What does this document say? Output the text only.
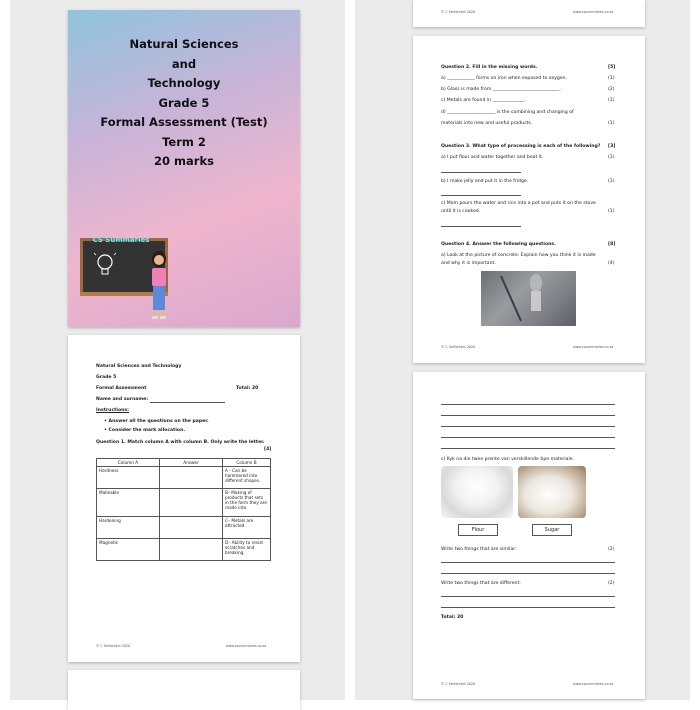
Natural Sciences
and
Technology
Grade 5
Formal Assessment (Test)
Term 2
20 marks
CS Summaries
Natural Sciences and Technology
Grade 5
Formal Assessment	Total: 20
Name and surname:
Instructions:
• Answer all the questions on the paper.
• Consider the mark allocation.
Question 1. Match column A with column B. Only write the letter.
[4]
Column A	Answer	Column B
Hardness		A - Can be hammered into different shapes.
Malleable		B– Making of products that sets in the form they are made into.
Hardening		C– Metals are attracted.
Magnetic		D– Ability to resist scratches and breaking.
© C Serfontein 2020	www.cssummaries.co.za
© C Serfontein 2020	www.cssummaries.co.za
Question 2. Fill in the missing words.	[5]
a) ____________ forms on iron when exposed to oxygen.	(1)
b) Glass is made from _____________________________.	(2)
c) Metals are found in ______________.	(1)
d) _____________________ is the combining and changing of
materials into new and useful products.	(1)
Question 3. What type of processing is each of the following?	[3]
a) I put flour and water together and beat it.	(1)
b) I make jelly and put it in the fridge.	(1)
c) Mom pours the water and rice into a pot and puts it on the stove
until it is cooked.	(1)
Question 4. Answer the following questions.	[8]
a) Look at the picture of concrete. Explain how you think it is made
and why it is important.	(4)
© C Serfontein 2020	www.cssummaries.co.za
c) Kyk na die twee prente van verskillende tipe materiale.
Flour	Sugar
Write two things that are similar:	(2)
Write two things that are different:	(2)
Total: 20
© C Serfontein 2020	www.cssummaries.co.za
